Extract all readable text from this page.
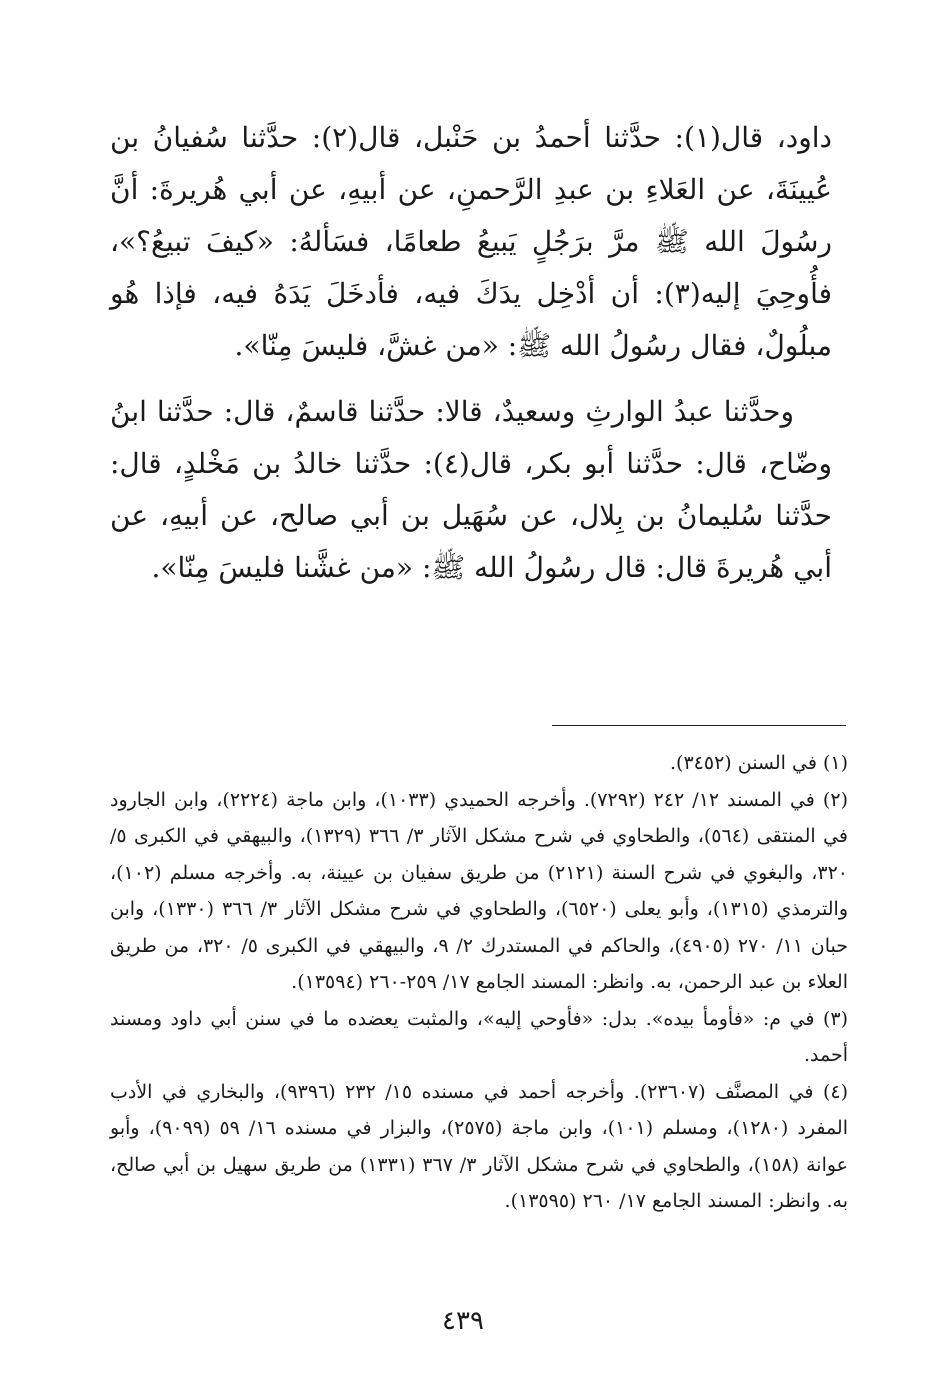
داود، قال(١): حدَّثنا أحمدُ بن حَنْبل، قال(٢): حدَّثنا سُفيانُ بن عُيينَةَ، عن العَلاءِ بن عبدِ الرَّحمنِ، عن أبيهِ، عن أبي هُريرةَ: أنَّ رسُولَ الله ﷺ مرَّ برَجُلٍ يَبيعُ طعامًا، فسَألهُ: «كيفَ تبيعُ؟»، فأُوحِيَ إليه(٣): أن أدْخِل يدَكَ فيه، فأدخَلَ يَدَهُ فيه، فإذا هُو مبلُولٌ، فقال رسُولُ الله ﷺ: «من غشَّ، فليسَ مِنّا».

وحدَّثنا عبدُ الوارثِ وسعيدٌ، قالا: حدَّثنا قاسمٌ، قال: حدَّثنا ابنُ وضّاح، قال: حدَّثنا أبو بكر، قال(٤): حدَّثنا خالدُ بن مَخْلدٍ، قال: حدَّثنا سُليمانُ بن بِلال، عن سُهَيل بن أبي صالح، عن أبيهِ، عن أبي هُريرةَ قال: قال رسُولُ الله ﷺ: «من غشَّنا فليسَ مِنّا».

(١) في السنن (٣٤٥٢).

(٢) في المسند ١٢/ ٢٤٢ (٧٢٩٢). وأخرجه الحميدي (١٠٣٣)، وابن ماجة (٢٢٢٤)، وابن الجارود في المنتقى (٥٦٤)، والطحاوي في شرح مشكل الآثار ٣/ ٣٦٦ (١٣٢٩)، والبيهقي في الكبرى ٥/ ٣٢٠، والبغوي في شرح السنة (٢١٢١) من طريق سفيان بن عيينة، به. وأخرجه مسلم (١٠٢)، والترمذي (١٣١٥)، وأبو يعلى (٦٥٢٠)، والطحاوي في شرح مشكل الآثار ٣/ ٣٦٦ (١٣٣٠)، وابن حبان ١١/ ٢٧٠ (٤٩٠٥)، والحاكم في المستدرك ٢/ ٩، والبيهقي في الكبرى ٥/ ٣٢٠، من طريق العلاء بن عبد الرحمن، به. وانظر: المسند الجامع ١٧/ ٢٥٩-٢٦٠ (١٣٥٩٤).

(٣) في م: «فأومأ بيده». بدل: «فأوحي إليه»، والمثبت يعضده ما في سنن أبي داود ومسند أحمد.

(٤) في المصنَّف (٢٣٦٠٧). وأخرجه أحمد في مسنده ١٥/ ٢٣٢ (٩٣٩٦)، والبخاري في الأدب المفرد (١٢٨٠)، ومسلم (١٠١)، وابن ماجة (٢٥٧٥)، والبزار في مسنده ١٦/ ٥٩ (٩٠٩٩)، وأبو عوانة (١٥٨)، والطحاوي في شرح مشكل الآثار ٣/ ٣٦٧ (١٣٣١) من طريق سهيل بن أبي صالح، به. وانظر: المسند الجامع ١٧/ ٢٦٠ (١٣٥٩٥).

٤٣٩
